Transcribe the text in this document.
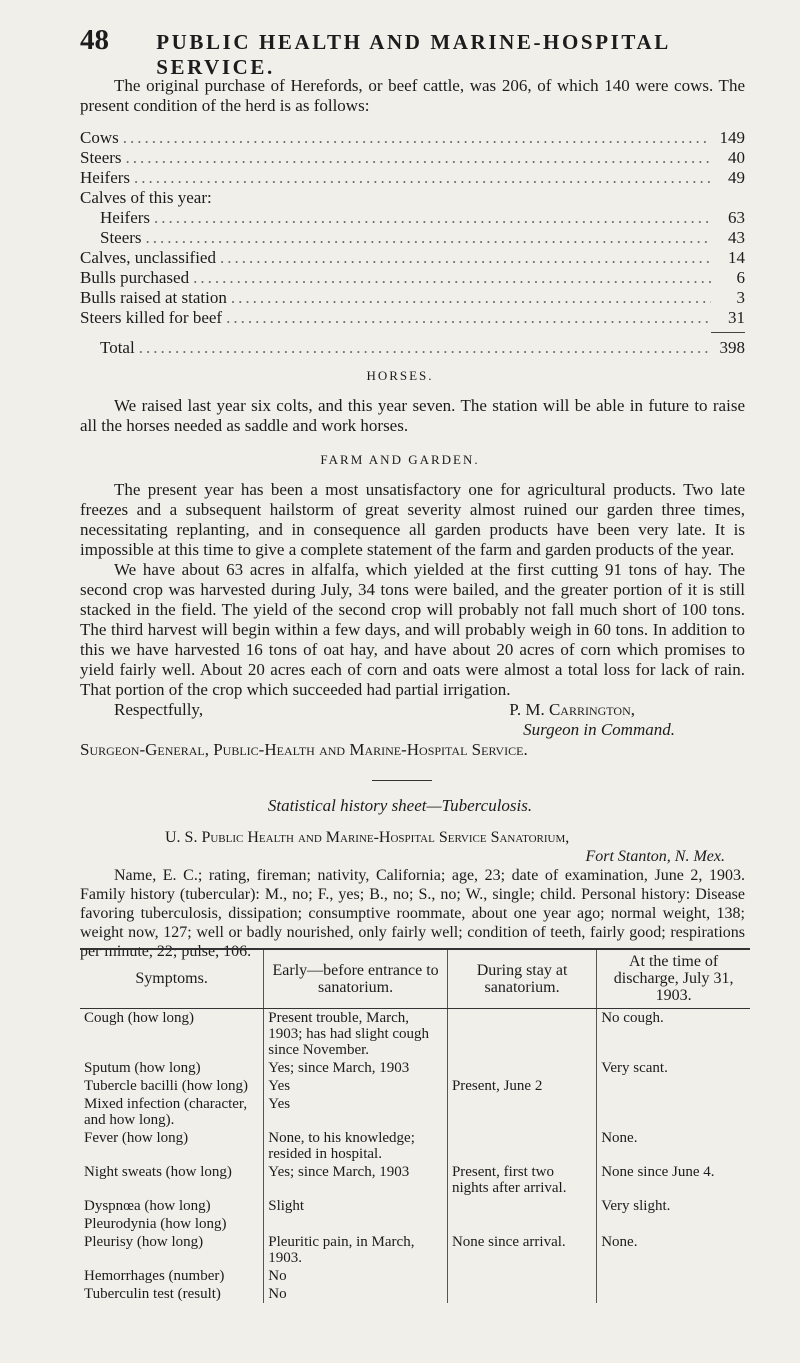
48	PUBLIC HEALTH AND MARINE-HOSPITAL SERVICE.

The original purchase of Herefords, or beef cattle, was 206, of which 140 were cows. The present condition of the herd is as follows:

Cows .....	149
Steers .....	40
Heifers .....	49
Calves of this year:
Heifers .....	63
Steers .....	43
Calves, unclassified .....	14
Bulls purchased .....	6
Bulls raised at station .....	3
Steers killed for beef .....	31
Total .....	398
HORSES.

We raised last year six colts, and this year seven. The station will be able in future to raise all the horses needed as saddle and work horses.

FARM AND GARDEN.

The present year has been a most unsatisfactory one for agricultural products. Two late freezes and a subsequent hailstorm of great severity almost ruined our garden three times, necessitating replanting, and in consequence all garden products have been very late. It is impossible at this time to give a complete statement of the farm and garden products of the year.

We have about 63 acres in alfalfa, which yielded at the first cutting 91 tons of hay. The second crop was harvested during July, 34 tons were bailed, and the greater portion of it is still stacked in the field. The yield of the second crop will probably not fall much short of 100 tons. The third harvest will begin within a few days, and will probably weigh in 60 tons. In addition to this we have harvested 16 tons of oat hay, and have about 20 acres of corn which promises to yield fairly well. About 20 acres each of corn and oats were almost a total loss for lack of rain. That portion of the crop which succeeded had partial irrigation.

Respectfully,	P. M. Carrington,
Surgeon in Command.
Surgeon-General, Public-Health and Marine-Hospital Service.
Statistical history sheet—Tuberculosis.
U. S. Public Health and Marine-Hospital Service Sanatorium,
Fort Stanton, N. Mex.

Name, E. C.; rating, fireman; nativity, California; age, 23; date of examination, June 2, 1903. Family history (tubercular): M., no; F., yes; B., no; S., no; W., single; child. Personal history: Disease favoring tuberculosis, dissipation; consumptive roommate, about one year ago; normal weight, 138; weight now, 127; well or badly nourished, only fairly well; condition of teeth, fairly good; respirations per minute, 22; pulse, 106.

Symptoms.	Early—before entrance to sanatorium.	During stay at sanatorium.	At the time of discharge, July 31, 1903.
Cough (how long)	Present trouble, March, 1903; has had slight cough since November.		No cough.
Sputum (how long)	Yes; since March, 1903		Very scant.
Tubercle bacilli (how long)	Yes	Present, June 2	
Mixed infection (character, and how long).	Yes		
Fever (how long)	None, to his knowledge; resided in hospital.		None.
Night sweats (how long)	Yes; since March, 1903	Present, first two nights after arrival.	None since June 4.
Dyspnœa (how long)	Slight		Very slight.
Pleurodynia (how long)			
Pleurisy (how long)	Pleuritic pain, in March, 1903.	None since arrival.	None.
Hemorrhages (number)	No		
Tuberculin test (result)	No		
